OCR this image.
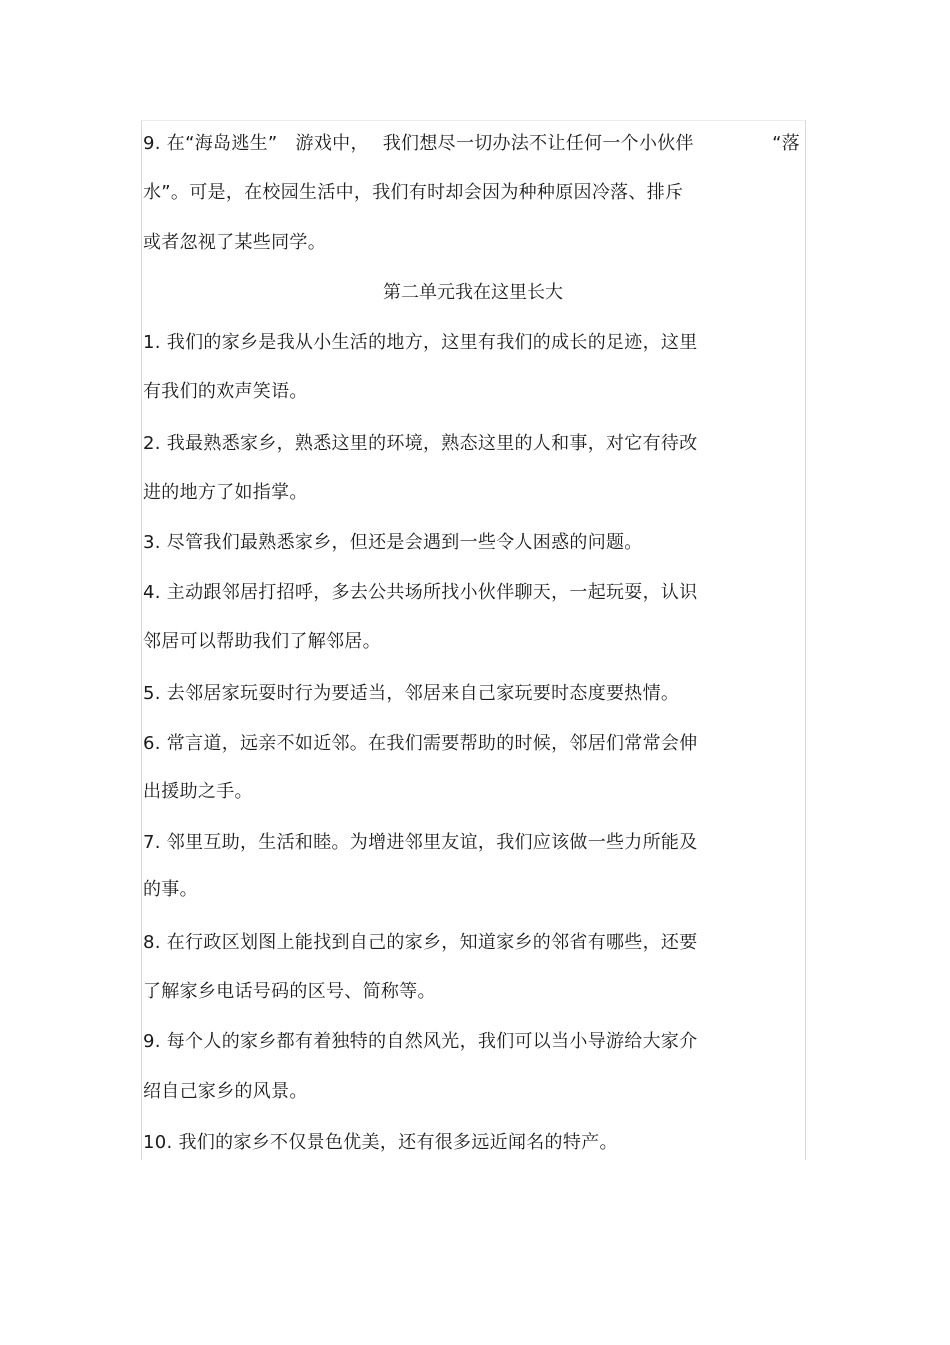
9. 在“海岛逃生” 游戏中， 我们想尽一切办法不让任何一个小伙伴	“落
水”。可是，在校园生活中，我们有时却会因为种种原因冷落、排斥
或者忽视了某些同学。
第二单元我在这里长大
1. 我们的家乡是我从小生活的地方，这里有我们的成长的足迹，这里
有我们的欢声笑语。
2. 我最熟悉家乡，熟悉这里的环境，熟态这里的人和事，对它有待改
进的地方了如指掌。
3. 尽管我们最熟悉家乡，但还是会遇到一些令人困惑的问题。
4. 主动跟邻居打招呼，多去公共场所找小伙伴聊天，一起玩耍，认识
邻居可以帮助我们了解邻居。
5. 去邻居家玩耍时行为要适当，邻居来自己家玩要时态度要热情。
6. 常言道，远亲不如近邻。在我们需要帮助的时候，邻居们常常会伸
出援助之手。
7. 邻里互助，生活和睦。为增进邻里友谊，我们应该做一些力所能及
的事。
8. 在行政区划图上能找到自己的家乡，知道家乡的邻省有哪些，还要
了解家乡电话号码的区号、简称等。
9. 每个人的家乡都有着独特的自然风光，我们可以当小导游给大家介
绍自己家乡的风景。
10. 我们的家乡不仅景色优美，还有很多远近闻名的特产。
